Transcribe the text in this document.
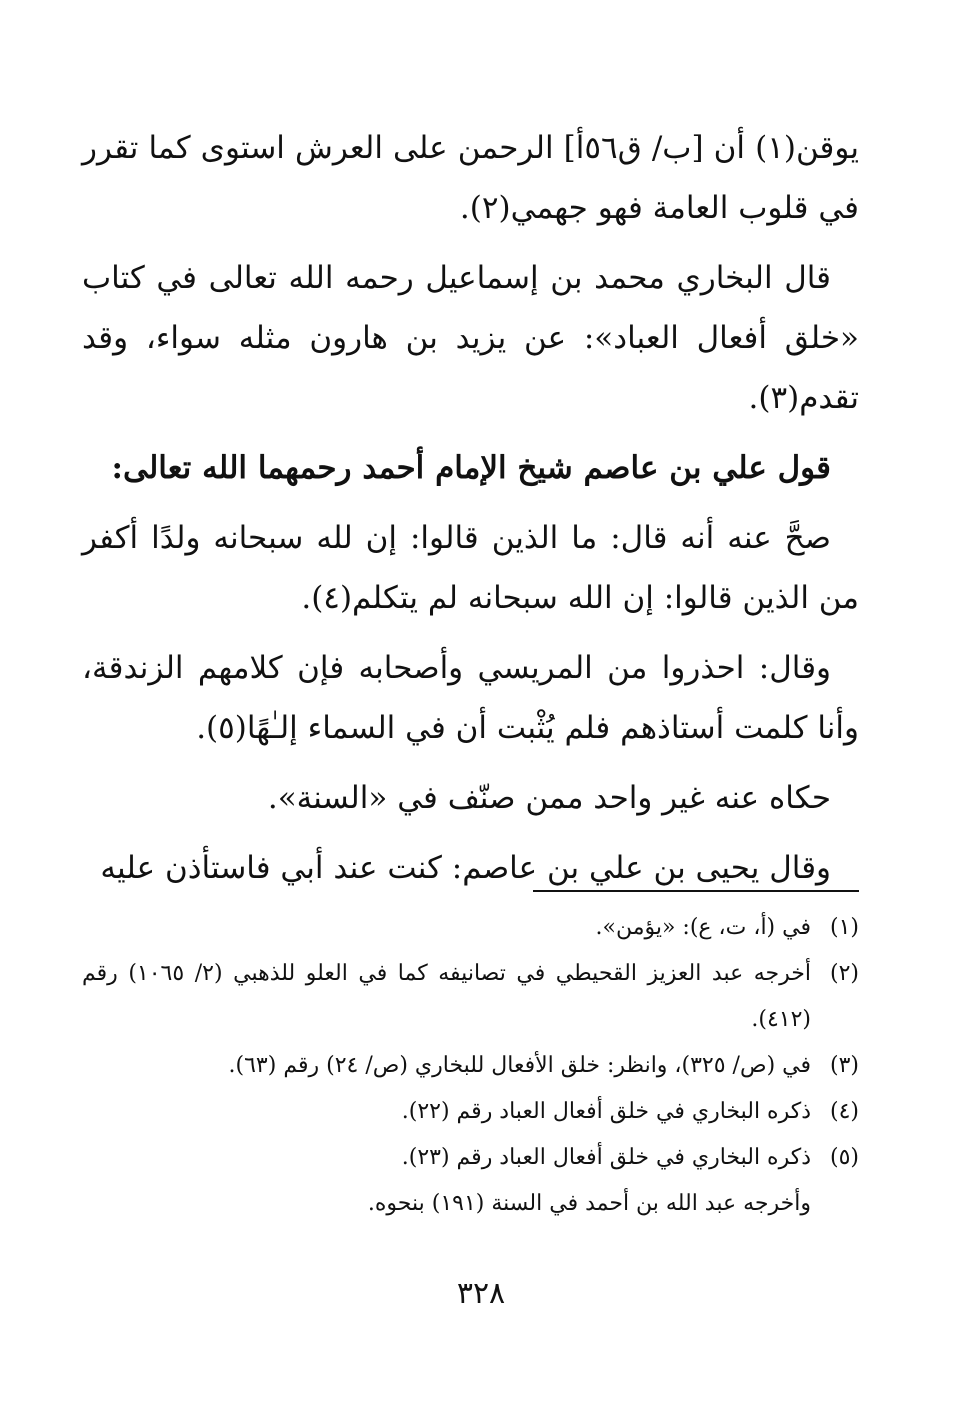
يوقن(١) أن [ب/ ق٥٦أ] الرحمن على العرش استوى كما تقرر في قلوب العامة فهو جهمي(٢).

قال البخاري محمد بن إسماعيل رحمه الله تعالى في كتاب «خلق أفعال العباد»: عن يزيد بن هارون مثله سواء، وقد تقدم(٣).

قول علي بن عاصم شيخ الإمام أحمد رحمهما الله تعالى:

صحَّ عنه أنه قال: ما الذين قالوا: إن لله سبحانه ولدًا أكفر من الذين قالوا: إن الله سبحانه لم يتكلم(٤).

وقال: احذروا من المريسي وأصحابه فإن كلامهم الزندقة، وأنا كلمت أستاذهم فلم يُثْبت أن في السماء إلـٰهًا(٥).

حكاه عنه غير واحد ممن صنّف في «السنة».

وقال يحيى بن علي بن عاصم: كنت عند أبي فاستأذن عليه

(١)
في (أ، ت، ع): «يؤمن».
(٢)
أخرجه عبد العزيز القحيطي في تصانيفه كما في العلو للذهبي (٢/ ١٠٦٥) رقم (٤١٢).
(٣)
في (ص/ ٣٢٥)، وانظر: خلق الأفعال للبخاري (ص/ ٢٤) رقم (٦٣).
(٤)
ذكره البخاري في خلق أفعال العباد رقم (٢٢).
(٥)
ذكره البخاري في خلق أفعال العباد رقم (٢٣).
وأخرجه عبد الله بن أحمد في السنة (١٩١) بنحوه.
٣٢٨
